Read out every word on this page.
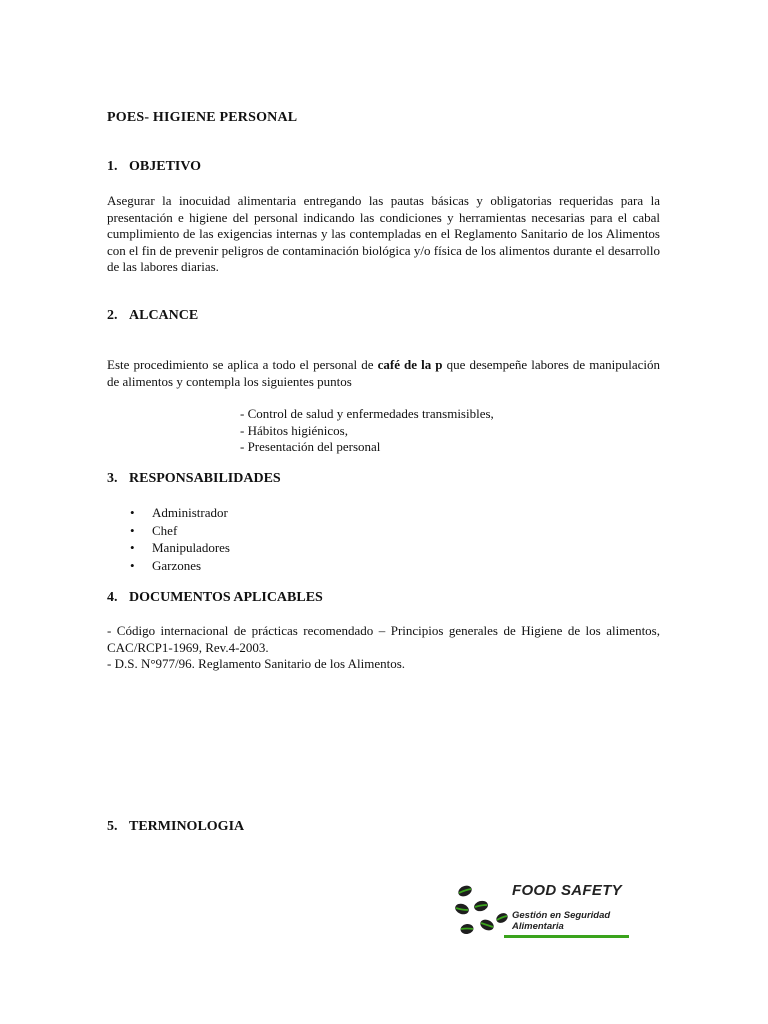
POES- HIGIENE PERSONAL
1. OBJETIVO

Asegurar la inocuidad alimentaria entregando las pautas básicas y obligatorias requeridas para la presentación e higiene del personal indicando las condiciones y herramientas necesarias para el cabal cumplimiento de las exigencias internas y las contempladas en el Reglamento Sanitario de los Alimentos con el fin de prevenir peligros de contaminación biológica y/o física de los alimentos durante el desarrollo de las labores diarias.

2. ALCANCE

Este procedimiento se aplica a todo el personal de café de la p que desempeñe labores de manipulación de alimentos y contempla los siguientes puntos

- Control de salud y enfermedades transmisibles,
- Hábitos higiénicos,
- Presentación del personal
3. RESPONSABILIDADES
• Administrador
• Chef
• Manipuladores
• Garzones
4. DOCUMENTOS APLICABLES

- Código internacional de prácticas recomendado – Principios generales de Higiene de los alimentos, CAC/RCP1-1969, Rev.4-2003.

- D.S. N°977/96. Reglamento Sanitario de los Alimentos.

5. TERMINOLOGIA
FOOD SAFETY
Gestión en Seguridad
Alimentaria
